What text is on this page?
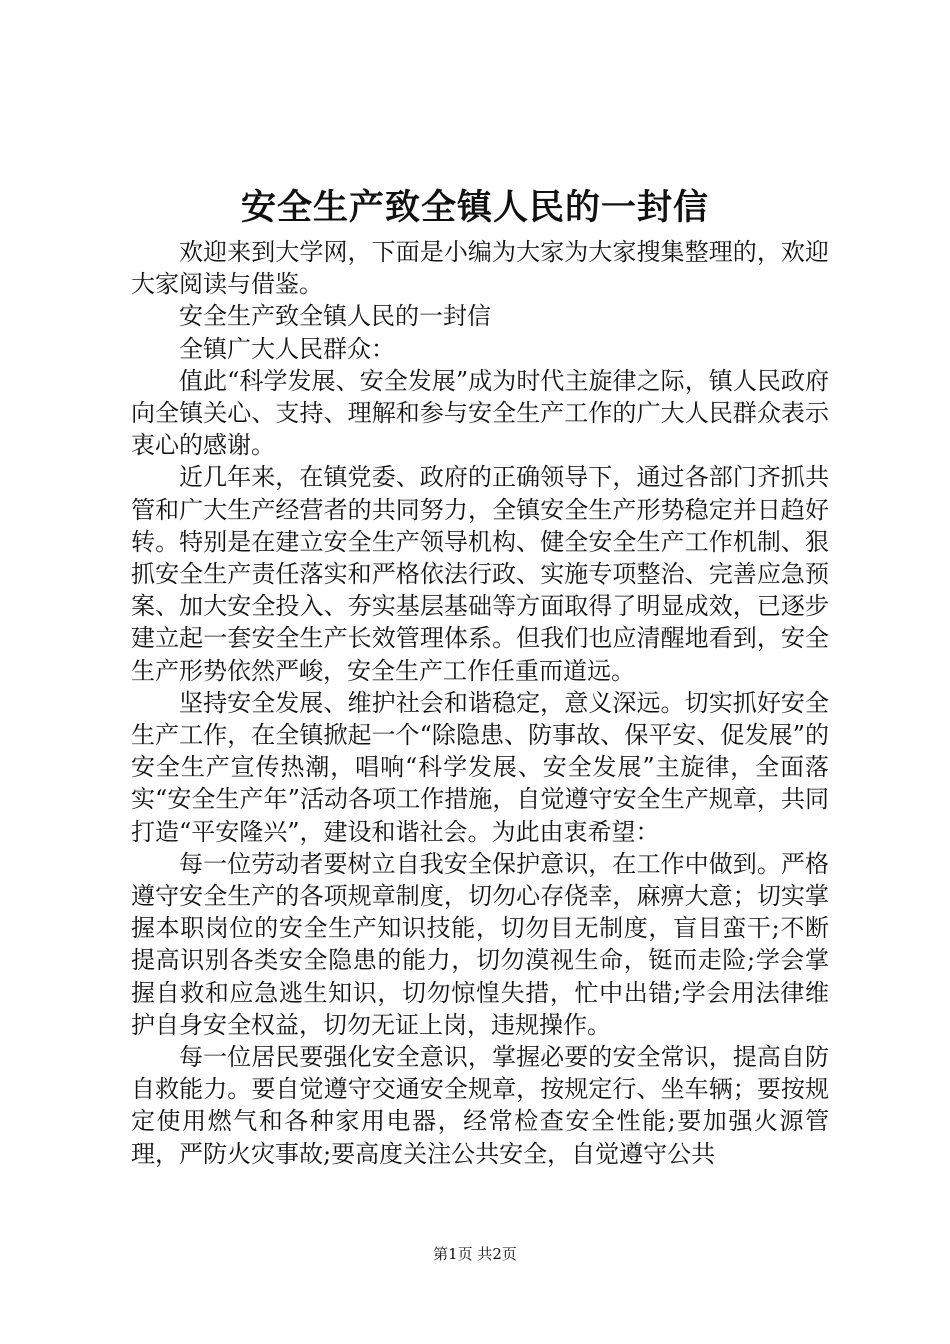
安全生产致全镇人民的一封信

欢迎来到大学网，下面是小编为大家为大家搜集整理的，欢迎大家阅读与借鉴。

安全生产致全镇人民的一封信

全镇广大人民群众：

值此“科学发展、安全发展”成为时代主旋律之际，镇人民政府向全镇关心、支持、理解和参与安全生产工作的广大人民群众表示衷心的感谢。

近几年来，在镇党委、政府的正确领导下，通过各部门齐抓共管和广大生产经营者的共同努力，全镇安全生产形势稳定并日趋好转。特别是在建立安全生产领导机构、健全安全生产工作机制、狠抓安全生产责任落实和严格依法行政、实施专项整治、完善应急预案、加大安全投入、夯实基层基础等方面取得了明显成效，已逐步建立起一套安全生产长效管理体系。但我们也应清醒地看到，安全生产形势依然严峻，安全生产工作任重而道远。

坚持安全发展、维护社会和谐稳定，意义深远。切实抓好安全生产工作，在全镇掀起一个“除隐患、防事故、保平安、促发展”的安全生产宣传热潮，唱响“科学发展、安全发展”主旋律，全面落实“安全生产年”活动各项工作措施，自觉遵守安全生产规章，共同打造“平安隆兴”，建设和谐社会。为此由衷希望：

每一位劳动者要树立自我安全保护意识，在工作中做到。严格遵守安全生产的各项规章制度，切勿心存侥幸，麻痹大意；切实掌握本职岗位的安全生产知识技能，切勿目无制度，盲目蛮干;不断提高识别各类安全隐患的能力，切勿漠视生命，铤而走险;学会掌握自救和应急逃生知识，切勿惊惶失措，忙中出错;学会用法律维护自身安全权益，切勿无证上岗，违规操作。

每一位居民要强化安全意识，掌握必要的安全常识，提高自防自救能力。要自觉遵守交通安全规章，按规定行、坐车辆；要按规定使用燃气和各种家用电器，经常检查安全性能;要加强火源管理，严防火灾事故;要高度关注公共安全，自觉遵守公共

第1页 共2页
